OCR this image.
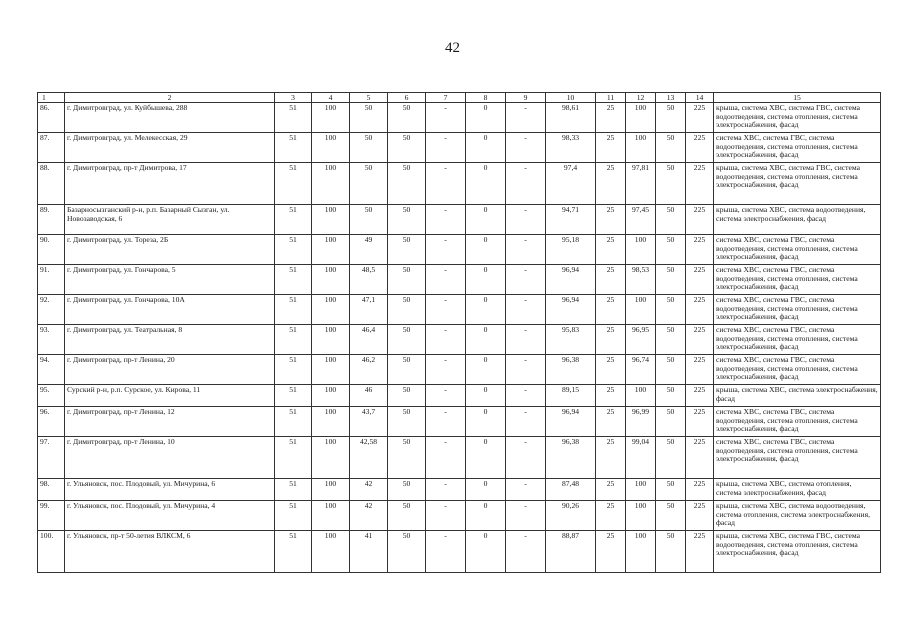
42
1	2	3	4	5	6	7	8	9	10	11	12	13	14	15
86.	г. Димитровград, ул. Куйбышева, 288	51	100	50	50	-	0	-	98,61	25	100	50	225	крыша, система ХВС, система ГВС, система водоотведения, система отопления, система электроснабжения, фасад
87.	г. Димитровград, ул. Мелекесская, 29	51	100	50	50	-	0	-	98,33	25	100	50	225	система ХВС, система ГВС, система водоотведения, система отопления, система электроснабжения, фасад
88.	г. Димитровград, пр-т Димитрова, 17	51	100	50	50	-	0	-	97,4	25	97,81	50	225	крыша, система ХВС, система ГВС, система водоотведения, система отопления, система электроснабжения, фасад
89.	Базарносызганский р-н, р.п. Базарный Сызган, ул. Новозаводская, 6	51	100	50	50	-	0	-	94,71	25	97,45	50	225	крыша, система ХВС, система водоотведения, система электроснабжения, фасад
90.	г. Димитровград, ул. Тореза, 2Б	51	100	49	50	-	0	-	95,18	25	100	50	225	система ХВС, система ГВС, система водоотведения, система отопления, система электроснабжения, фасад
91.	г. Димитровград, ул. Гончарова, 5	51	100	48,5	50	-	0	-	96,94	25	98,53	50	225	система ХВС, система ГВС, система водоотведения, система отопления, система электроснабжения, фасад
92.	г. Димитровград, ул. Гончарова, 10А	51	100	47,1	50	-	0	-	96,94	25	100	50	225	система ХВС, система ГВС, система водоотведения, система отопления, система электроснабжения, фасад
93.	г. Димитровград, ул. Театральная, 8	51	100	46,4	50	-	0	-	95,83	25	96,95	50	225	система ХВС, система ГВС, система водоотведения, система отопления, система электроснабжения, фасад
94.	г. Димитровград, пр-т Ленина, 20	51	100	46,2	50	-	0	-	96,38	25	96,74	50	225	система ХВС, система ГВС, система водоотведения, система отопления, система электроснабжения, фасад
95.	Сурский р-н, р.п. Сурское, ул. Кирова, 11	51	100	46	50	-	0	-	89,15	25	100	50	225	крыша, система ХВС, система электроснабжения, фасад
96.	г. Димитровград, пр-т Ленина, 12	51	100	43,7	50	-	0	-	96,94	25	96,99	50	225	система ХВС, система ГВС, система водоотведения, система отопления, система электроснабжения, фасад
97.	г. Димитровград, пр-т Ленина, 10	51	100	42,58	50	-	0	-	96,38	25	99,04	50	225	система ХВС, система ГВС, система водоотведения, система отопления, система электроснабжения, фасад
98.	г. Ульяновск, пос. Плодовый, ул. Мичурина, 6	51	100	42	50	-	0	-	87,48	25	100	50	225	крыша, система ХВС, система отопления, система электроснабжения, фасад
99.	г. Ульяновск, пос. Плодовый, ул. Мичурина, 4	51	100	42	50	-	0	-	90,26	25	100	50	225	крыша, система ХВС, система водоотведения, система отопления, система электроснабжения, фасад
100.	г. Ульяновск, пр-т 50-летия ВЛКСМ, 6	51	100	41	50	-	0	-	88,87	25	100	50	225	крыша, система ХВС, система ГВС, система водоотведения, система отопления, система электроснабжения, фасад
